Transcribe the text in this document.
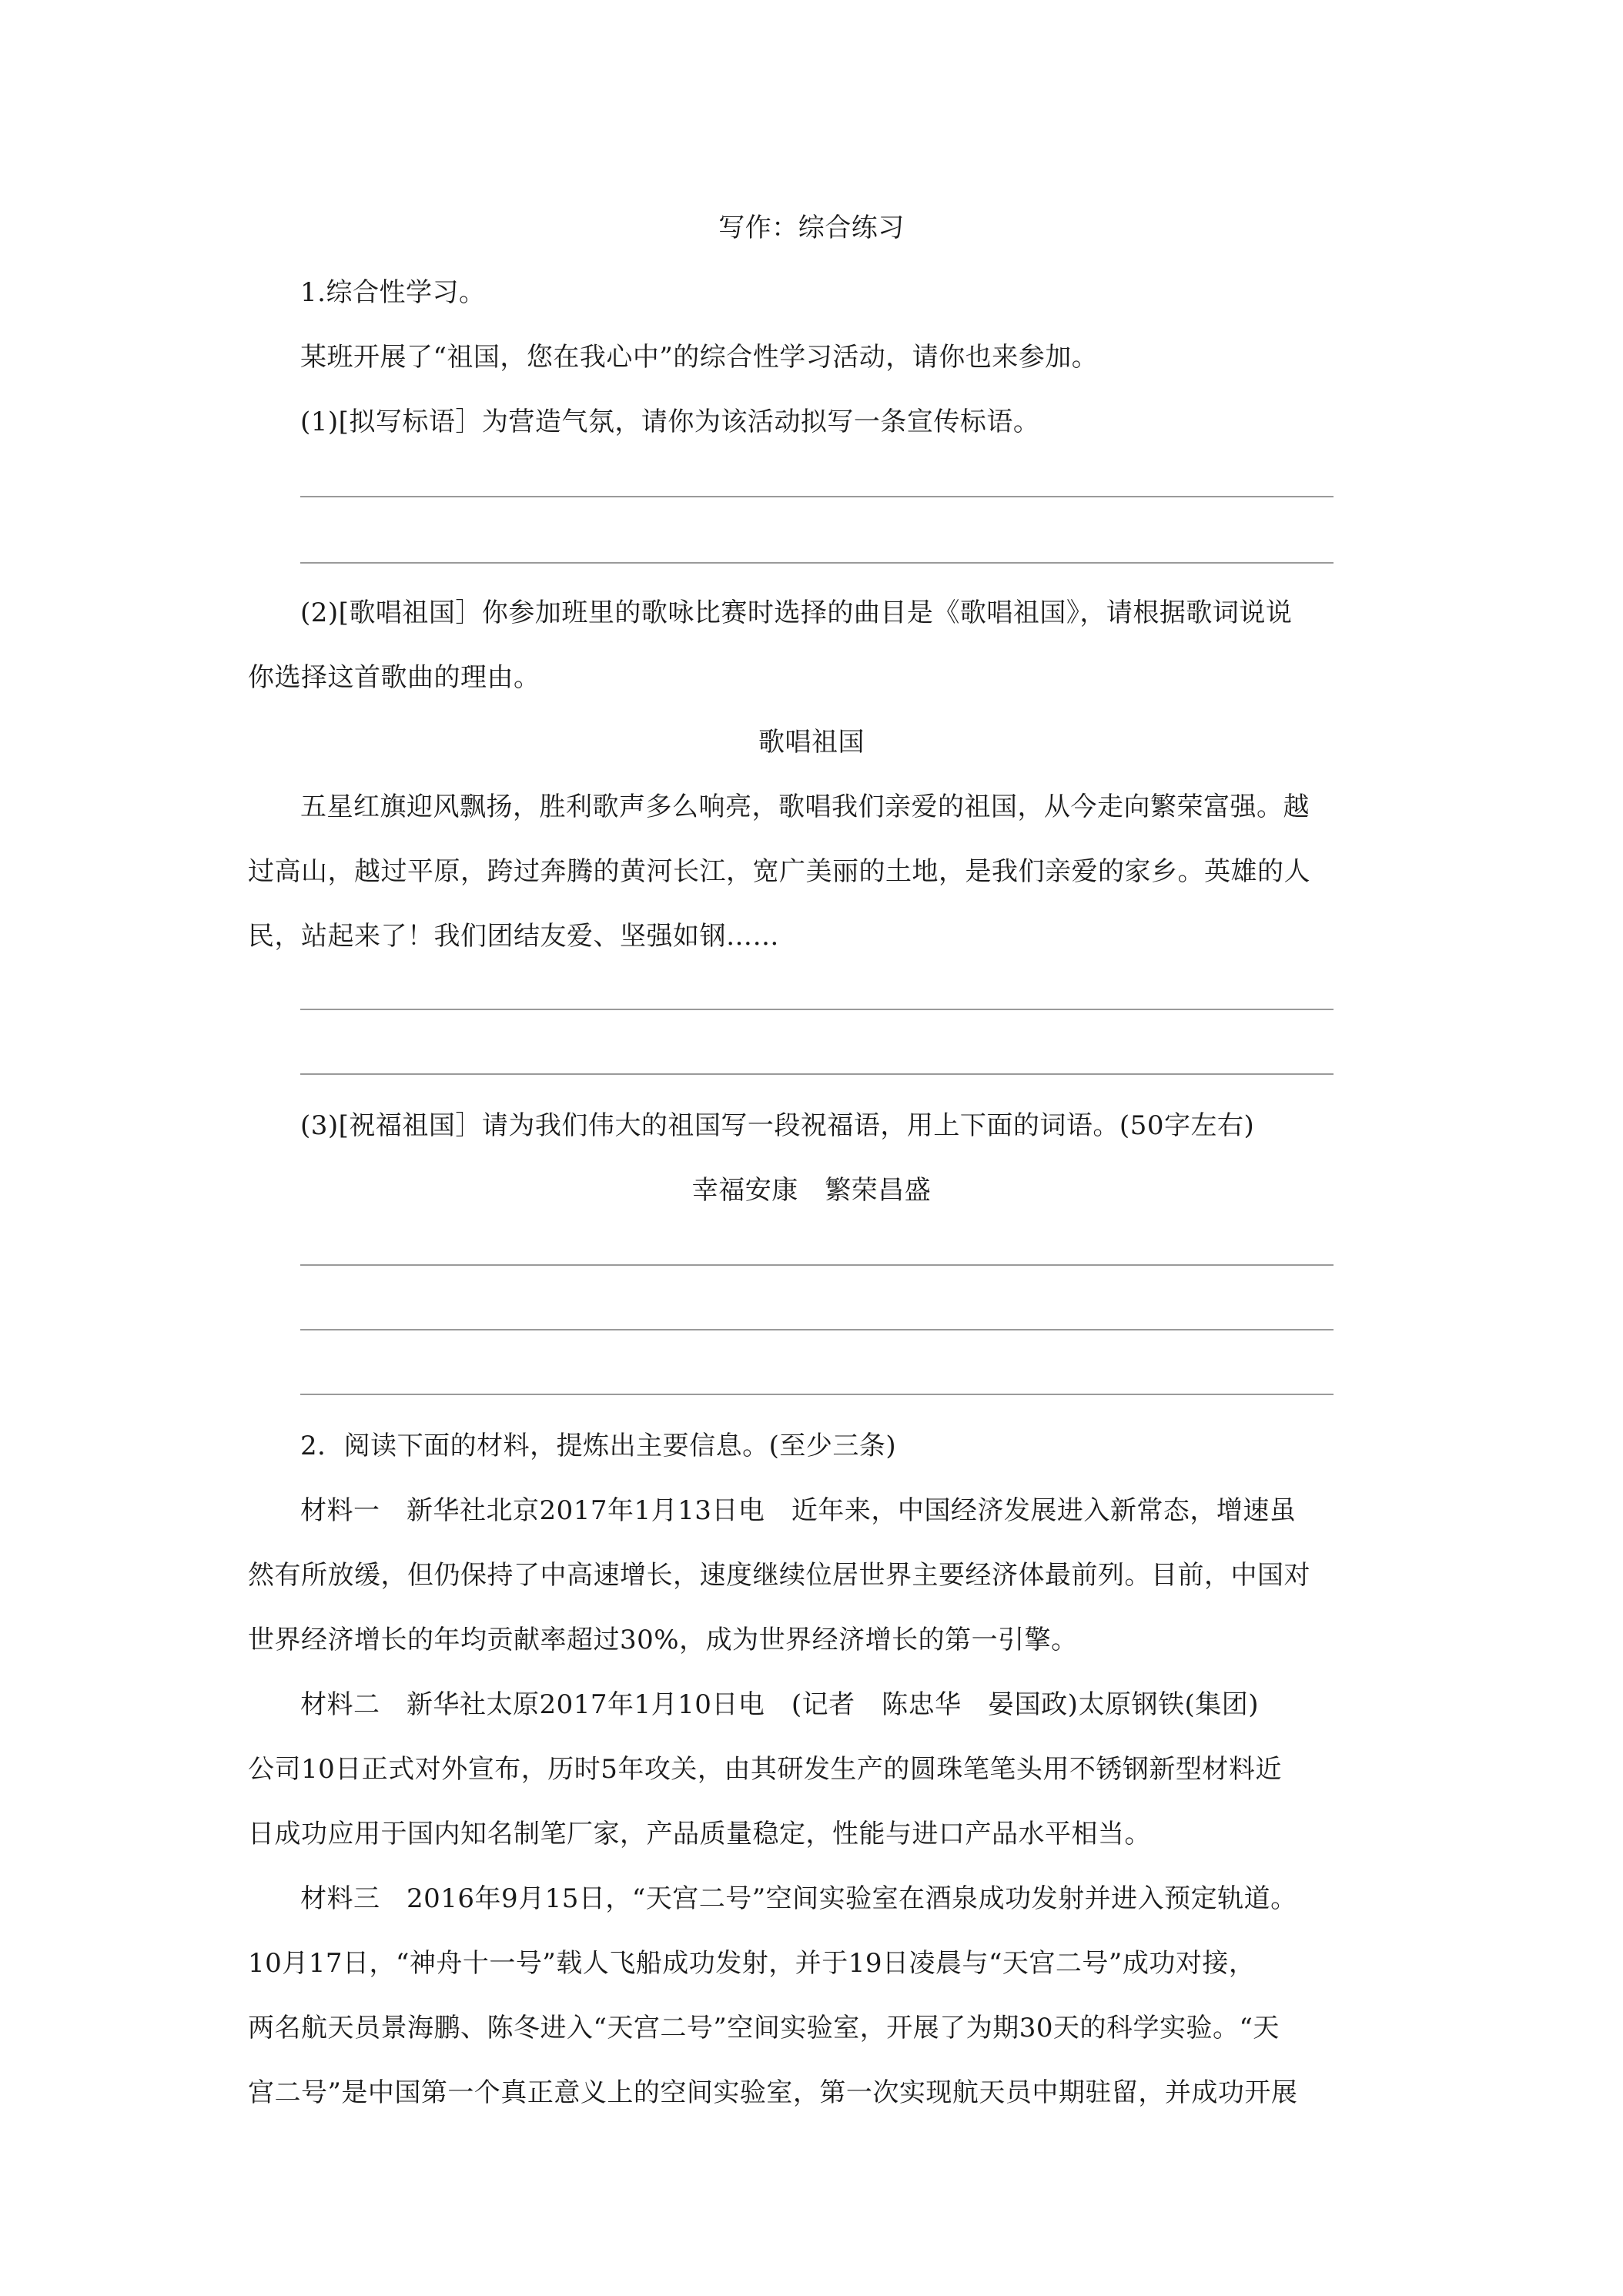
写作：综合练习
1.综合性学习。
某班开展了“祖国，您在我心中”的综合性学习活动，请你也来参加。
(1)[拟写标语］为营造气氛，请你为该活动拟写一条宣传标语。
(2)[歌唱祖国］你参加班里的歌咏比赛时选择的曲目是《歌唱祖国》，请根据歌词说说
你选择这首歌曲的理由。
歌唱祖国
五星红旗迎风飘扬，胜利歌声多么响亮，歌唱我们亲爱的祖国，从今走向繁荣富强。越
过高山，越过平原，跨过奔腾的黄河长江，宽广美丽的土地，是我们亲爱的家乡。英雄的人
民，站起来了！我们团结友爱、坚强如钢……
(3)[祝福祖国］请为我们伟大的祖国写一段祝福语，用上下面的词语。(50字左右)
幸福安康　繁荣昌盛
2．阅读下面的材料，提炼出主要信息。(至少三条)
材料一　新华社北京2017年1月13日电　近年来，中国经济发展进入新常态，增速虽
然有所放缓，但仍保持了中高速增长，速度继续位居世界主要经济体最前列。目前，中国对
世界经济增长的年均贡献率超过30%，成为世界经济增长的第一引擎。
材料二　新华社太原2017年1月10日电　(记者　陈忠华　晏国政)太原钢铁(集团)
公司10日正式对外宣布，历时5年攻关，由其研发生产的圆珠笔笔头用不锈钢新型材料近
日成功应用于国内知名制笔厂家，产品质量稳定，性能与进口产品水平相当。
材料三　2016年9月15日，“天宫二号”空间实验室在酒泉成功发射并进入预定轨道。
10月17日，“神舟十一号”载人飞船成功发射，并于19日凌晨与“天宫二号”成功对接，
两名航天员景海鹏、陈冬进入“天宫二号”空间实验室，开展了为期30天的科学实验。“天
宫二号”是中国第一个真正意义上的空间实验室，第一次实现航天员中期驻留，并成功开展
